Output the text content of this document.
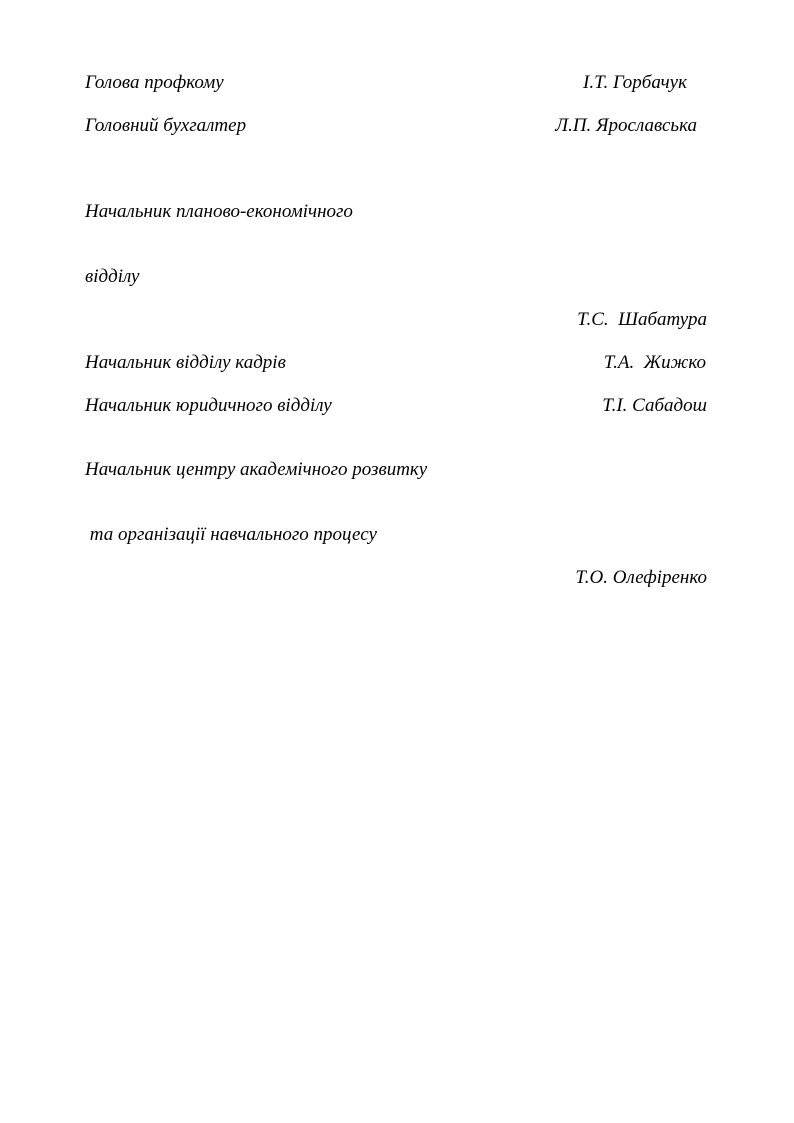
Голова профкому	І.Т. Горбачук
Головний бухгалтер	Л.П. Ярославська

Начальник планово-економічного

відділу

Т.С.  Шабатура
Начальник відділу кадрів	Т.А.  Жижко
Начальник юридичного відділу	Т.І. Сабадош

Начальник центру академічного розвитку

та організації навчального процесу

Т.О. Олефіренко
